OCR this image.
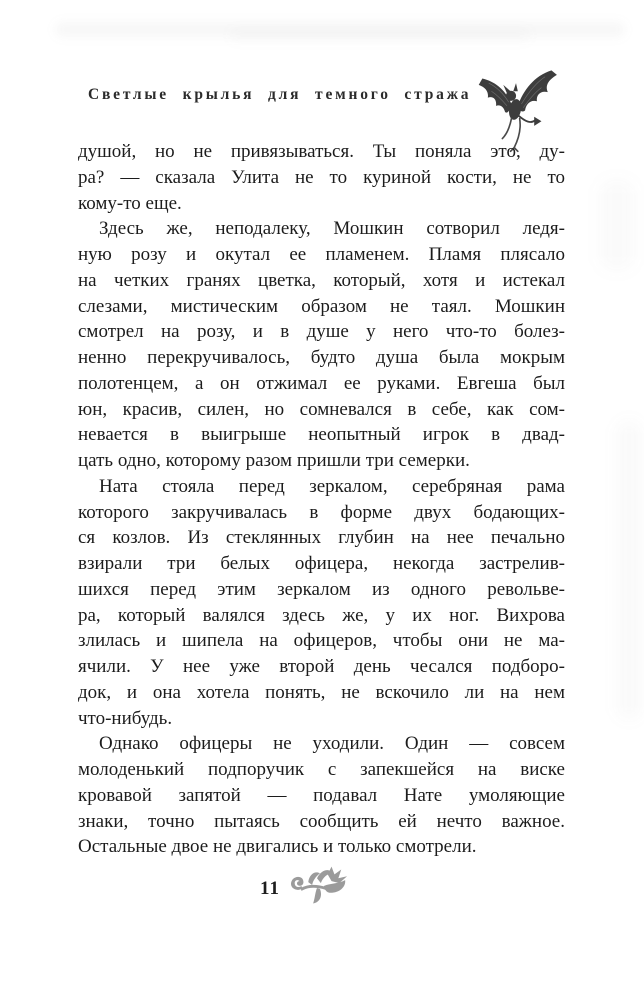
Светлые крылья для темного стража
душой, но не привязываться. Ты поняла это, ду-
ра? — сказала Улита не то куриной кости, не то
кому-то еще.
Здесь же, неподалеку, Мошкин сотворил ледя-
ную розу и окутал ее пламенем. Пламя плясало
на четких гранях цветка, который, хотя и истекал
слезами, мистическим образом не таял. Мошкин
смотрел на розу, и в душе у него что-то болез-
ненно перекручивалось, будто душа была мокрым
полотенцем, а он отжимал ее руками. Евгеша был
юн, красив, силен, но сомневался в себе, как сом-
невается в выигрыше неопытный игрок в двад-
цать одно, которому разом пришли три семерки.
Ната стояла перед зеркалом, серебряная рама
которого закручивалась в форме двух бодающих-
ся козлов. Из стеклянных глубин на нее печально
взирали три белых офицера, некогда застрелив-
шихся перед этим зеркалом из одного револьве-
ра, который валялся здесь же, у их ног. Вихрова
злилась и шипела на офицеров, чтобы они не ма-
ячили. У нее уже второй день чесался подборо-
док, и она хотела понять, не вскочило ли на нем
что-нибудь.
Однако офицеры не уходили. Один — совсем
молоденький подпоручик с запекшейся на виске
кровавой запятой — подавал Нате умоляющие
знаки, точно пытаясь сообщить ей нечто важное.
Остальные двое не двигались и только смотрели.
11
